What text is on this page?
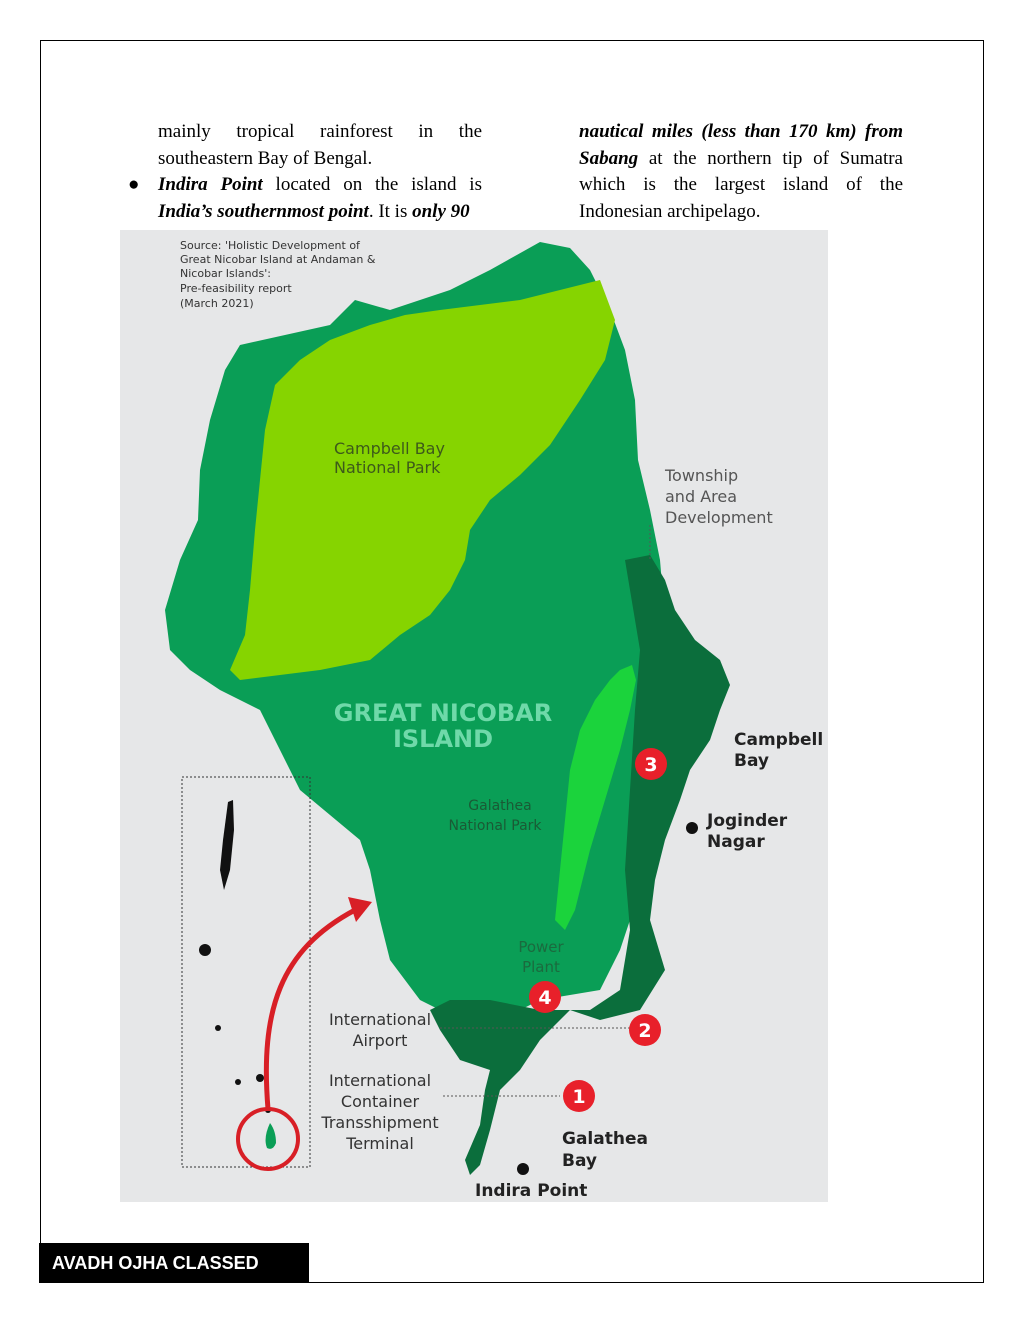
mainly tropical rainforest in the southeastern Bay of Bengal.

● Indira Point located on the island is India’s southernmost point. It is only 90

nautical miles (less than 170 km) from Sabang at the northern tip of Sumatra which is the largest island of the Indonesian archipelago.

3
4
2
1
Source: 'Holistic Development of
Great Nicobar Island at Andaman &
Nicobar Islands':
Pre-feasibility report
(March 2021)
Campbell Bay
National Park
GREAT NICOBAR
ISLAND
Galathea
National Park
Power
Plant
Township
and Area
Development
Campbell
Bay
Joginder
Nagar
International
Airport
International
Container
Transshipment
Terminal	Galathea
Bay
Indira Point
AVADH OJHA CLASSED
